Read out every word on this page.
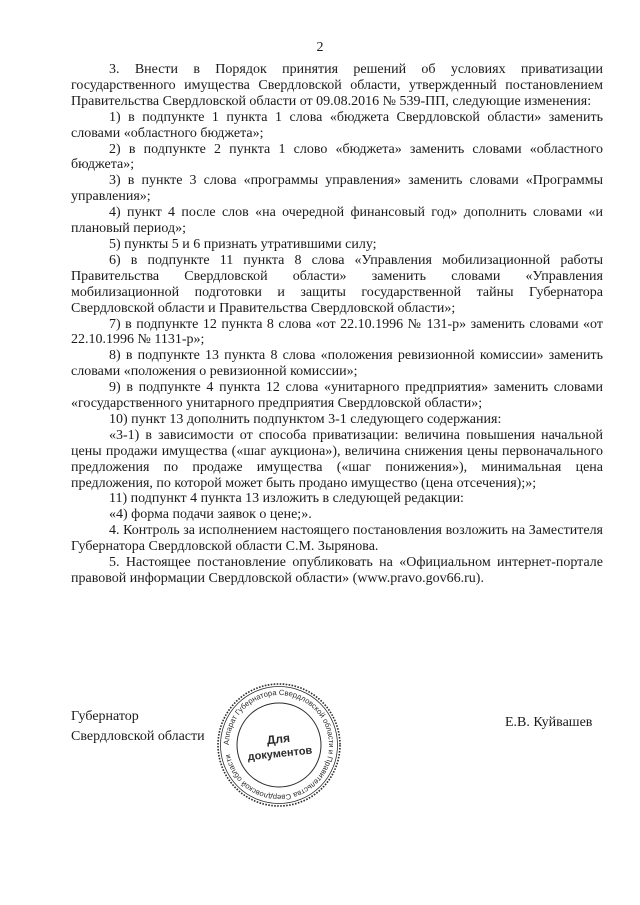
2

3. Внести в Порядок принятия решений об условиях приватизации государственного имущества Свердловской области, утвержденный постановлением Правительства Свердловской области от 09.08.2016 № 539-ПП, следующие изменения:

1) в подпункте 1 пункта 1 слова «бюджета Свердловской области» заменить словами «областного бюджета»;

2) в подпункте 2 пункта 1 слово «бюджета» заменить словами «областного бюджета»;

3) в пункте 3 слова «программы управления» заменить словами «Программы управления»;

4) пункт 4 после слов «на очередной финансовый год» дополнить словами «и плановый период»;

5) пункты 5 и 6 признать утратившими силу;

6) в подпункте 11 пункта 8 слова «Управления мобилизационной работы Правительства Свердловской области» заменить словами «Управления мобилизационной подготовки и защиты государственной тайны Губернатора Свердловской области и Правительства Свердловской области»;

7) в подпункте 12 пункта 8 слова «от 22.10.1996 № 131-р» заменить словами «от 22.10.1996 № 1131-р»;

8) в подпункте 13 пункта 8 слова «положения ревизионной комиссии» заменить словами «положения о ревизионной комиссии»;

9) в подпункте 4 пункта 12 слова «унитарного предприятия» заменить словами «государственного унитарного предприятия Свердловской области»;

10) пункт 13 дополнить подпунктом 3-1 следующего содержания:

«3-1) в зависимости от способа приватизации: величина повышения начальной цены продажи имущества («шаг аукциона»), величина снижения цены первоначального предложения по продаже имущества («шаг понижения»), минимальная цена предложения, по которой может быть продано имущество (цена отсечения);»;

11) подпункт 4 пункта 13 изложить в следующей редакции:

«4) форма подачи заявок о цене;».

4. Контроль за исполнением настоящего постановления возложить на Заместителя Губернатора Свердловской области С.М. Зырянова.

5. Настоящее постановление опубликовать на «Официальном интернет-портале правовой информации Свердловской области» (www.pravo.gov66.ru).

Губернатор
Свердловской области
Е.В. Куйвашев
Аппарат Губернатора Свердловской области и Правительства Свердловской области
Для
документов
